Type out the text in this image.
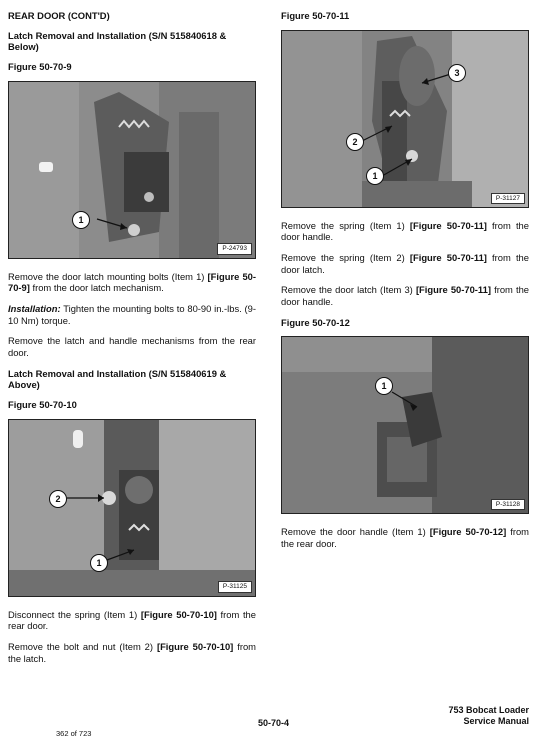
REAR DOOR (CONT'D)
Latch Removal and Installation (S/N 515840618 & Below)
Figure 50-70-9
1
P-24793
Remove the door latch mounting bolts (Item 1) [Figure 50-70-9] from the door latch mechanism.
Installation: Tighten the mounting bolts to 80-90 in.-lbs. (9-10 Nm) torque.
Remove the latch and handle mechanisms from the rear door.
Latch Removal and Installation (S/N 515840619 & Above)
Figure 50-70-10
2
1
P-31125
Disconnect the spring (Item 1) [Figure 50-70-10] from the rear door.
Remove the bolt and nut (Item 2) [Figure 50-70-10] from the latch.
Figure 50-70-11
3
2
1
P-31127
Remove the spring (Item 1) [Figure 50-70-11] from the door handle.
Remove the spring (Item 2) [Figure 50-70-11] from the door latch.
Remove the door latch (Item 3) [Figure 50-70-11] from the door handle.
Figure 50-70-12
1
P-31128
Remove the door handle (Item 1) [Figure 50-70-12] from the rear door.
753 Bobcat Loader
Service Manual
50-70-4
362 of 723
